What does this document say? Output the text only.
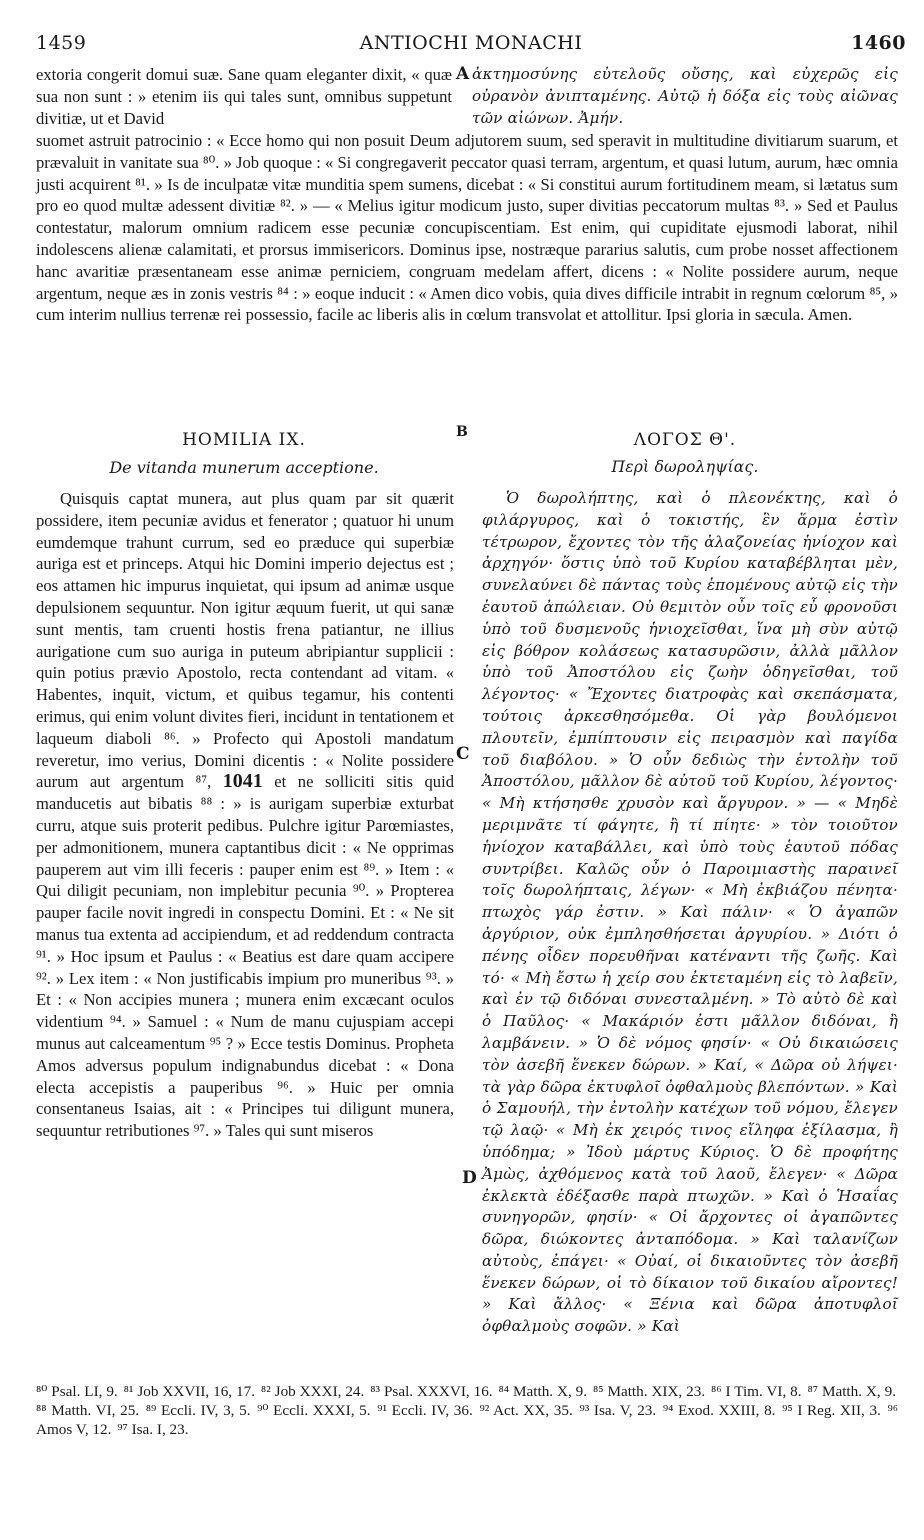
1459	ANTIOCHI MONACHI	1460
extoria congerit domui suæ. Sane quam eleganter dixit, « quæ sua non sunt : » etenim iis qui tales sunt, omnibus suppetunt divitiæ, ut et David
A ἀκτημοσύνης εὐτελοῦς οὔσης, καὶ εὐχερῶς εἰς οὐρανὸν ἀνιπταμένης. Αὐτῷ ἡ δόξα εἰς τοὺς αἰῶνας τῶν αἰώνων. Ἀμήν.
suomet astruit patrocinio : « Ecce homo qui non posuit Deum adjutorem suum, sed speravit in multitudine divitiarum suarum, et prævaluit in vanitate sua ⁸⁰. » Job quoque : « Si congregaverit peccator quasi terram, argentum, et quasi lutum, aurum, hæc omnia justi acquirent ⁸¹. » Is de inculpatæ vitæ munditia spem sumens, dicebat : « Si constitui aurum fortitudinem meam, si lætatus sum pro eo quod multæ adessent divitiæ ⁸². » — « Melius igitur modicum justo, super divitias peccatorum multas ⁸³. » Sed et Paulus contestatur, malorum omnium radicem esse pecuniæ concupiscentiam. Est enim, qui cupiditate ejusmodi laborat, nihil indolescens alienæ calamitati, et prorsus immisericors. Dominus ipse, nostræque pararius salutis, cum probe nosset affectionem hanc avaritiæ præsentaneam esse animæ perniciem, congruam medelam affert, dicens : « Nolite possidere aurum, neque argentum, neque æs in zonis vestris ⁸⁴ : » eoque inducit : « Amen dico vobis, quia dives difficile intrabit in regnum cœlorum ⁸⁵, » cum interim nullius terrenæ rei possessio, facile ac liberis alis in cœlum transvolat et attollitur. Ipsi gloria in sæcula. Amen.
HOMILIA IX.	B	ΛΟΓΟΣ Θ'.
De vitanda munerum acceptione.	Περὶ δωροληψίας.

Quisquis captat munera, aut plus quam par sit quærit possidere, item pecuniæ avidus et fenerator ; quatuor hi unum eumdemque trahunt currum, sed eo præduce qui superbiæ auriga est et princeps. Atqui hic Domini imperio dejectus est ; eos attamen hic impurus inquietat, qui ipsum ad animæ usque depulsionem sequuntur. Non igitur æquum fuerit, ut qui sanæ sunt mentis, tam cruenti hostis frena patiantur, ne illius aurigatione cum suo auriga in puteum abripiantur supplicii : quin potius prævio Apostolo, recta contendant ad vitam. « Habentes, inquit, victum, et quibus tegamur, his contenti erimus, qui enim volunt divites fieri, incidunt in tentationem et laqueum diaboli ⁸⁶. » Profecto qui Apostoli mandatum reveretur, imo verius, Domini dicentis : « Nolite possidere aurum aut argentum ⁸⁷, 1041 et ne solliciti sitis quid manducetis aut bibatis ⁸⁸ : » is aurigam superbiæ exturbat curru, atque suis proterit pedibus. Pulchre igitur Parœmiastes, per admonitionem, munera captantibus dicit : « Ne opprimas pauperem aut vim illi feceris : pauper enim est ⁸⁹. » Item : « Qui diligit pecuniam, non implebitur pecunia ⁹⁰. » Propterea pauper facile novit ingredi in conspectu Domini. Et : « Ne sit manus tua extenta ad accipiendum, et ad reddendum contracta ⁹¹. » Hoc ipsum et Paulus : « Beatius est dare quam accipere ⁹². » Lex item : « Non justificabis impium pro muneribus ⁹³. » Et : « Non accipies munera ; munera enim excæcant oculos videntium ⁹⁴. » Samuel : « Num de manu cujuspiam accepi munus aut calceamentum ⁹⁵ ? » Ecce testis Dominus. Propheta Amos adversus populum indignabundus dicebat : « Dona electa accepistis a pauperibus ⁹⁶. » Huic per omnia consentaneus Isaias, ait : « Principes tui diligunt munera, sequuntur retributiones ⁹⁷. » Tales qui sunt miseros

C
D

Ὁ δωρολήπτης, καὶ ὁ πλεονέκτης, καὶ ὁ φιλάργυρος, καὶ ὁ τοκιστής, ἓν ἅρμα ἐστὶν τέτρωρον, ἔχοντες τὸν τῆς ἀλαζονείας ἡνίοχον καὶ ἀρχηγόν· ὅστις ὑπὸ τοῦ Κυρίου καταβέβληται μὲν, συνελαύνει δὲ πάντας τοὺς ἑπομένους αὐτῷ εἰς τὴν ἑαυτοῦ ἀπώλειαν. Οὐ θεμιτὸν οὖν τοῖς εὖ φρονοῦσι ὑπὸ τοῦ δυσμενοῦς ἡνιοχεῖσθαι, ἵνα μὴ σὺν αὐτῷ εἰς βόθρον κολάσεως κατασυρῶσιν, ἀλλὰ μᾶλλον ὑπὸ τοῦ Ἀποστόλου εἰς ζωὴν ὁδηγεῖσθαι, τοῦ λέγοντος· « Ἔχοντες διατροφὰς καὶ σκεπάσματα, τούτοις ἀρκεσθησόμεθα. Οἱ γὰρ βουλόμενοι πλουτεῖν, ἐμπίπτουσιν εἰς πειρασμὸν καὶ παγίδα τοῦ διαβόλου. » Ὁ οὖν δεδιὼς τὴν ἐντολὴν τοῦ Ἀποστόλου, μᾶλλον δὲ αὐτοῦ τοῦ Κυρίου, λέγοντος· « Μὴ κτήσησθε χρυσὸν καὶ ἄργυρον. » — « Μηδὲ μεριμνᾶτε τί φάγητε, ἢ τί πίητε· » τὸν τοιοῦτον ἡνίοχον καταβάλλει, καὶ ὑπὸ τοὺς ἑαυτοῦ πόδας συντρίβει. Καλῶς οὖν ὁ Παροιμιαστὴς παραινεῖ τοῖς δωρολήπταις, λέγων· « Μὴ ἐκβιάζου πένητα· πτωχὸς γάρ ἐστιν. » Καὶ πάλιν· « Ὁ ἀγαπῶν ἀργύριον, οὐκ ἐμπλησθήσεται ἀργυρίου. » Διότι ὁ πένης οἶδεν πορευθῆναι κατέναντι τῆς ζωῆς. Καὶ τό· « Μὴ ἔστω ἡ χείρ σου ἐκτεταμένη εἰς τὸ λαβεῖν, καὶ ἐν τῷ διδόναι συνεσταλμένη. » Τὸ αὐτὸ δὲ καὶ ὁ Παῦλος· « Μακάριόν ἐστι μᾶλλον διδόναι, ἢ λαμβάνειν. » Ὁ δὲ νόμος φησίν· « Οὐ δικαιώσεις τὸν ἀσεβῆ ἕνεκεν δώρων. » Καί, « Δῶρα οὐ λήψει· τὰ γὰρ δῶρα ἐκτυφλοῖ ὀφθαλμοὺς βλεπόντων. » Καὶ ὁ Σαμουήλ, τὴν ἐντολὴν κατέχων τοῦ νόμου, ἔλεγεν τῷ λαῷ· « Μὴ ἐκ χειρός τινος εἴληφα ἐξίλασμα, ἢ ὑπόδημα; » Ἰδοὺ μάρτυς Κύριος. Ὁ δὲ προφήτης Ἀμὼς, ἀχθόμενος κατὰ τοῦ λαοῦ, ἔλεγεν· « Δῶρα ἐκλεκτὰ ἐδέξασθε παρὰ πτωχῶν. » Καὶ ὁ Ἡσαΐας συνηγορῶν, φησίν· « Οἱ ἄρχοντες οἱ ἀγαπῶντες δῶρα, διώκοντες ἀνταπόδομα. » Καὶ ταλανίζων αὐτοὺς, ἐπάγει· « Οὐαί, οἱ δικαιοῦντες τὸν ἀσεβῆ ἕνεκεν δώρων, οἱ τὸ δίκαιον τοῦ δικαίου αἴροντες! » Καὶ ἄλλος· « Ξένια καὶ δῶρα ἀποτυφλοῖ ὀφθαλμοὺς σοφῶν. » Καὶ

⁸⁰ Psal. LI, 9. ⁸¹ Job XXVII, 16, 17. ⁸² Job XXXI, 24. ⁸³ Psal. XXXVI, 16. ⁸⁴ Matth. X, 9. ⁸⁵ Matth. XIX, 23. ⁸⁶ I Tim. VI, 8. ⁸⁷ Matth. X, 9. ⁸⁸ Matth. VI, 25. ⁸⁹ Eccli. IV, 3, 5. ⁹⁰ Eccli. XXXI, 5. ⁹¹ Eccli. IV, 36. ⁹² Act. XX, 35. ⁹³ Isa. V, 23. ⁹⁴ Exod. XXIII, 8. ⁹⁵ I Reg. XII, 3. ⁹⁶ Amos V, 12. ⁹⁷ Isa. I, 23.
